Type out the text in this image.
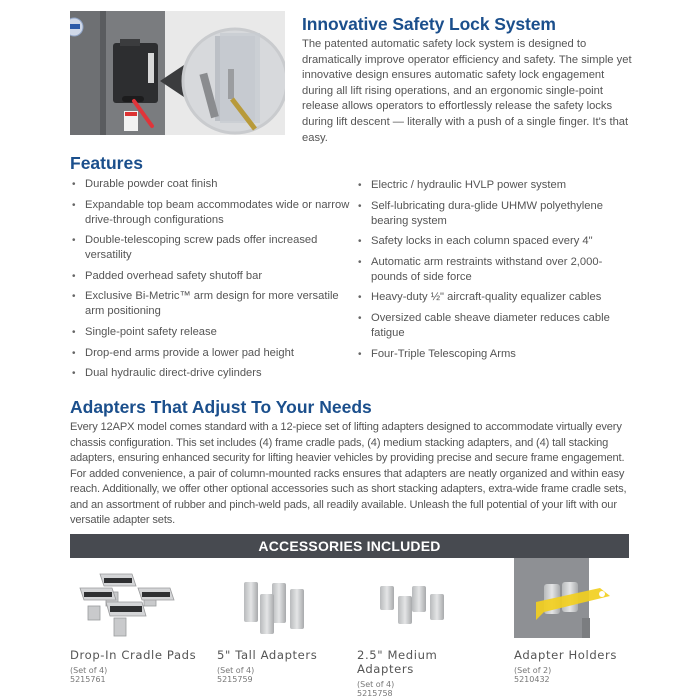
Innovative Safety Lock System
The patented automatic safety lock system is designed to dramatically improve operator efficiency and safety. The simple yet innovative design ensures automatic safety lock engagement during all lift rising operations, and an ergonomic single-point release allows operators to effortlessly release the safety locks during lift descent — literally with a push of a single finger. It's that easy.
Features
• Durable powder coat finish
• Expandable top beam accommodates wide or narrow drive-through configurations
• Double-telescoping screw pads offer increased versatility
• Padded overhead safety shutoff bar
• Exclusive Bi-Metric™ arm design for more versatile arm positioning
• Single-point safety release
• Drop-end arms provide a lower pad height
• Dual hydraulic direct-drive cylinders
• Electric / hydraulic HVLP power system
• Self-lubricating dura-glide UHMW polyethylene bearing system
• Safety locks in each column spaced every 4"
• Automatic arm restraints withstand over 2,000-pounds of side force
• Heavy-duty ½" aircraft-quality equalizer cables
• Oversized cable sheave diameter reduces cable fatigue
• Four-Triple Telescoping Arms
Adapters That Adjust To Your Needs
Every 12APX model comes standard with a 12-piece set of lifting adapters designed to accommodate virtually every chassis configuration. This set includes (4) frame cradle pads, (4) medium stacking adapters, and (4) tall stacking adapters, ensuring enhanced security for lifting heavier vehicles by providing precise and secure frame engagement. For added convenience, a pair of column-mounted racks ensures that adapters are neatly organized and within easy reach. Additionally, we offer other optional accessories such as short stacking adapters, extra-wide frame cradle sets, and an assortment of rubber and pinch-weld pads, all readily available. Unleash the full potential of your lift with our versatile adapter sets.
ACCESSORIES INCLUDED
Drop-In Cradle Pads
(Set of 4)
5215761
5" Tall Adapters
(Set of 4)
5215759
2.5" Medium Adapters
(Set of 4)
5215758
Adapter Holders
(Set of 2)
5210432
